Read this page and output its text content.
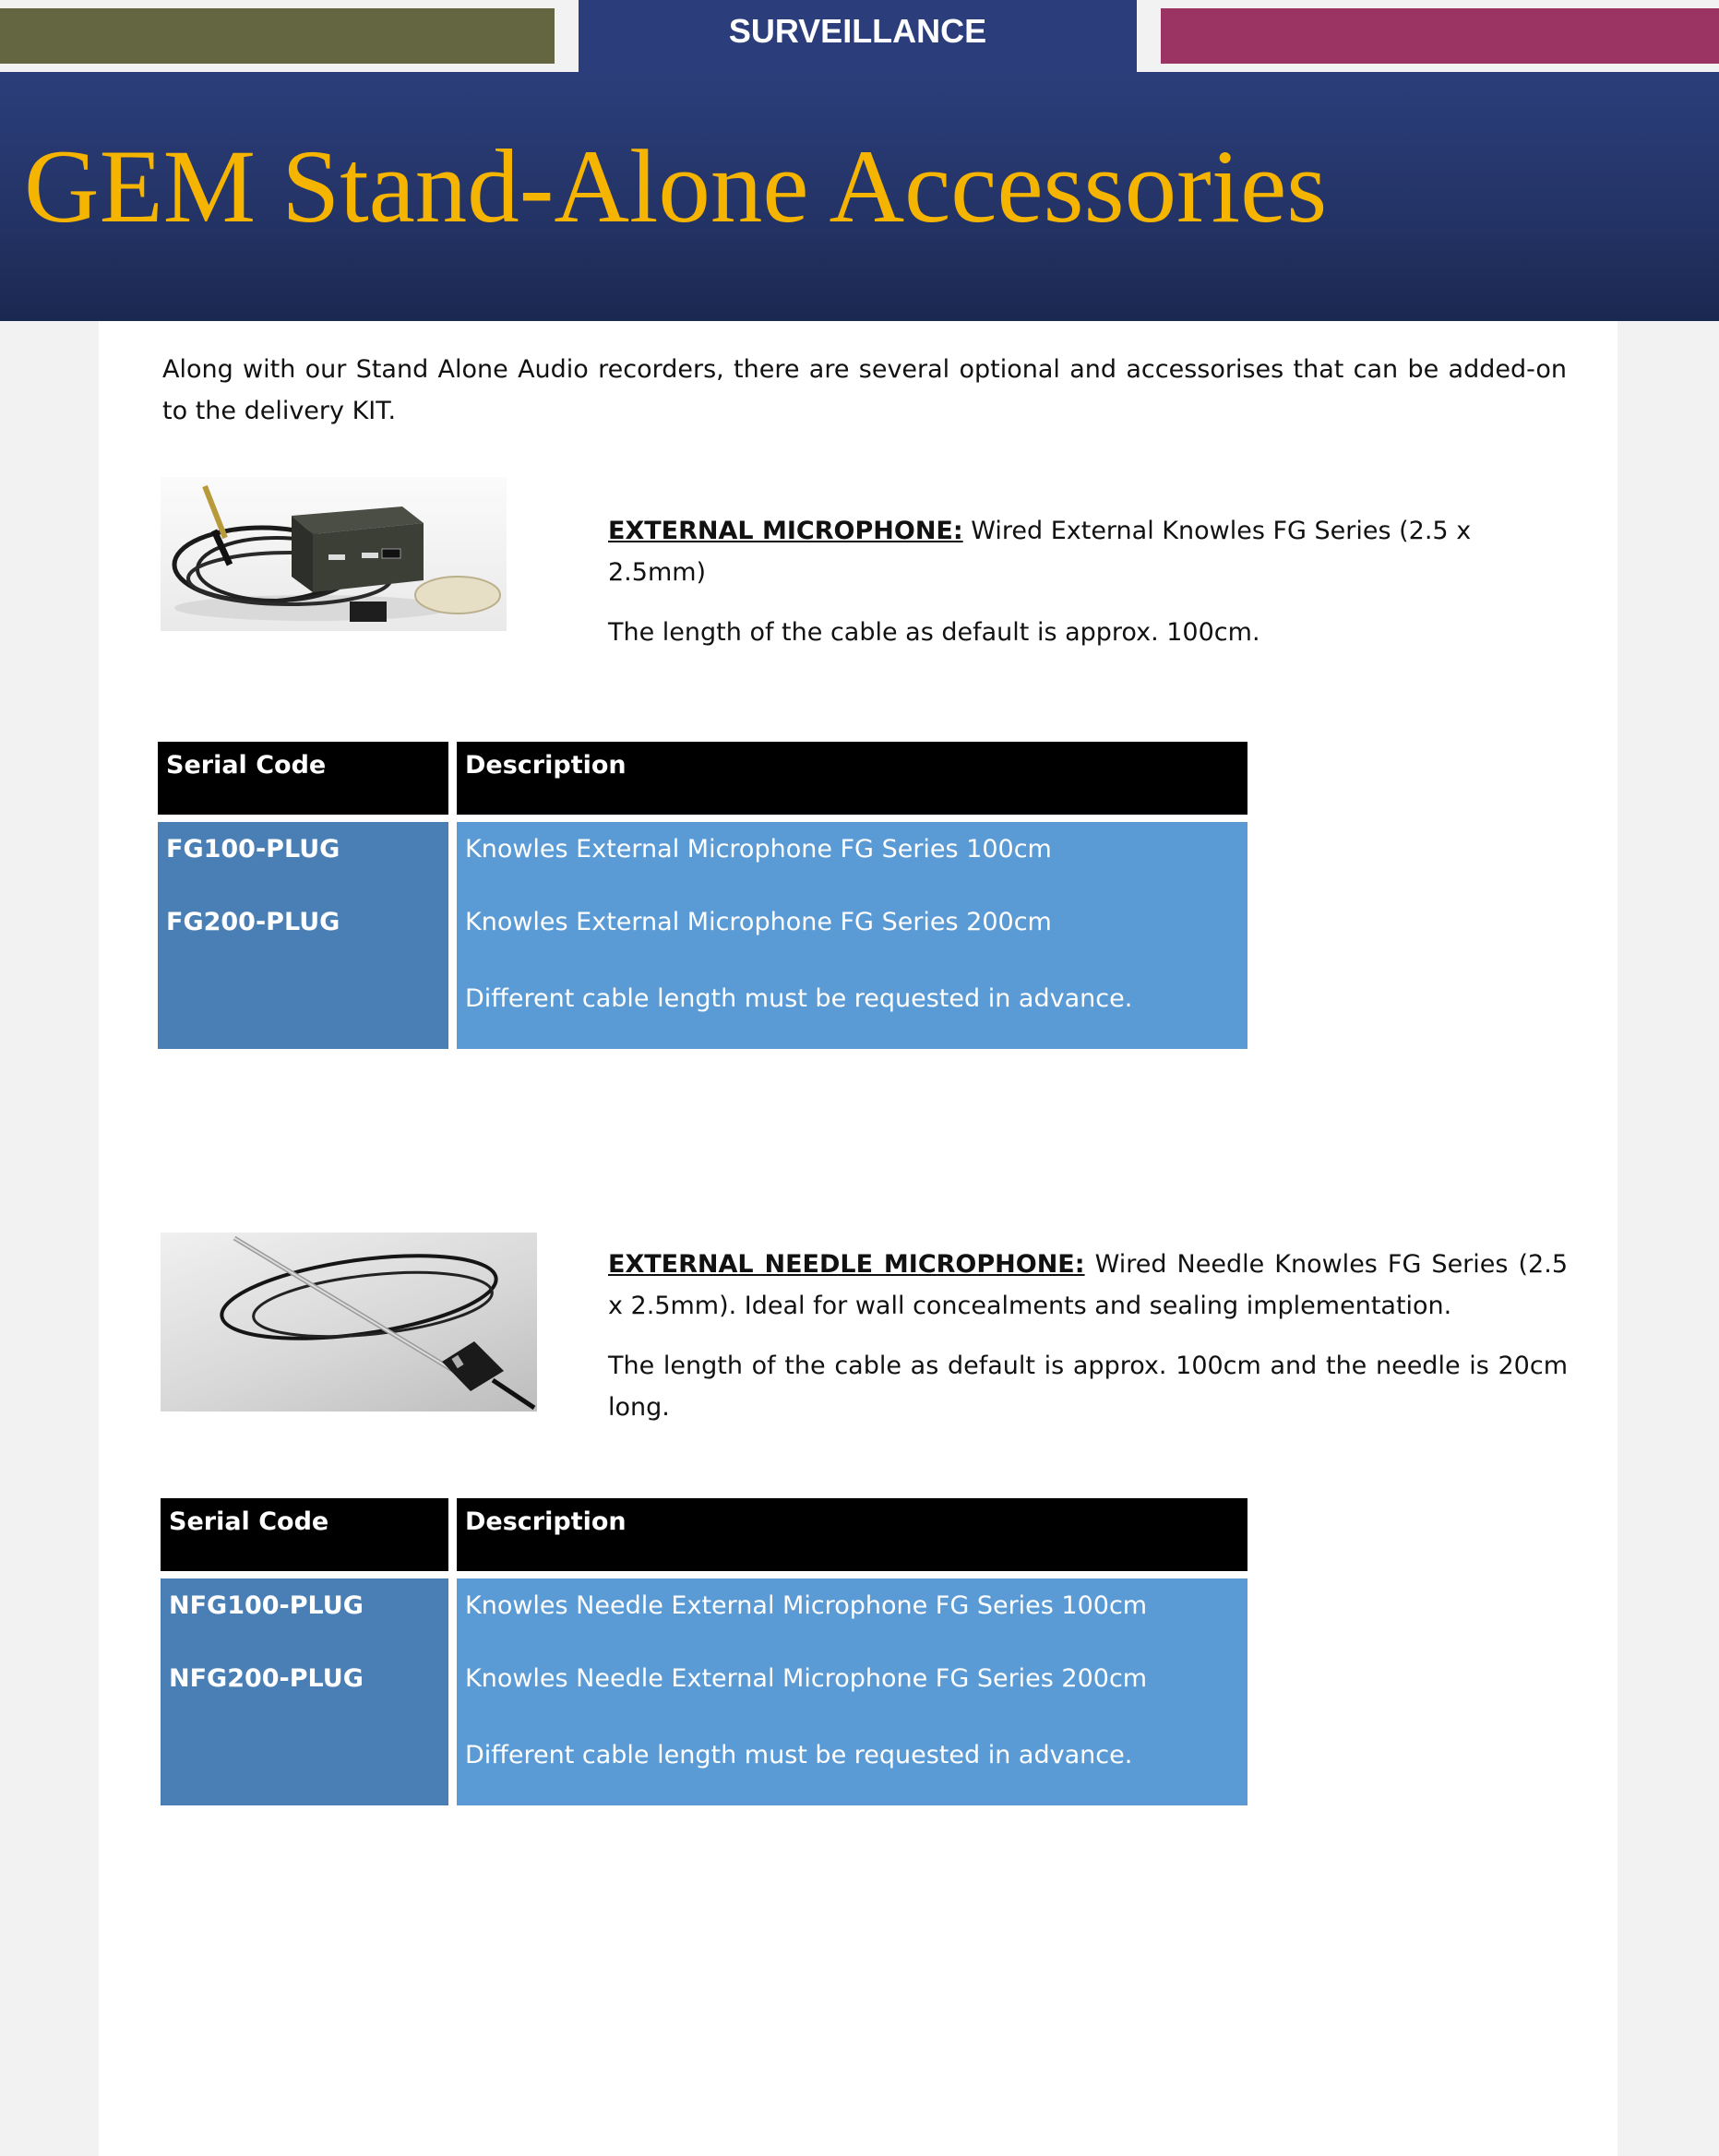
SURVEILLANCE
GEM Stand-Alone Accessories
Along with our Stand Alone Audio recorders, there are several optional and accessorises that can be added-on to the delivery KIT.

EXTERNAL MICROPHONE: Wired External Knowles FG Series (2.5 x 2.5mm)

The length of the cable as default is approx. 100cm.

Serial Code	Description
FG100-PLUG
FG200-PLUG
Knowles External Microphone FG Series 100cm
Knowles External Microphone FG Series 200cm
Different cable length must be requested in advance.

EXTERNAL NEEDLE MICROPHONE: Wired Needle Knowles FG Series (2.5 x 2.5mm). Ideal for wall concealments and sealing implementation.

The length of the cable as default is approx. 100cm and the needle is 20cm long.

Serial Code	Description
NFG100-PLUG
NFG200-PLUG
Knowles Needle External Microphone FG Series 100cm
Knowles Needle External Microphone FG Series 200cm
Different cable length must be requested in advance.
